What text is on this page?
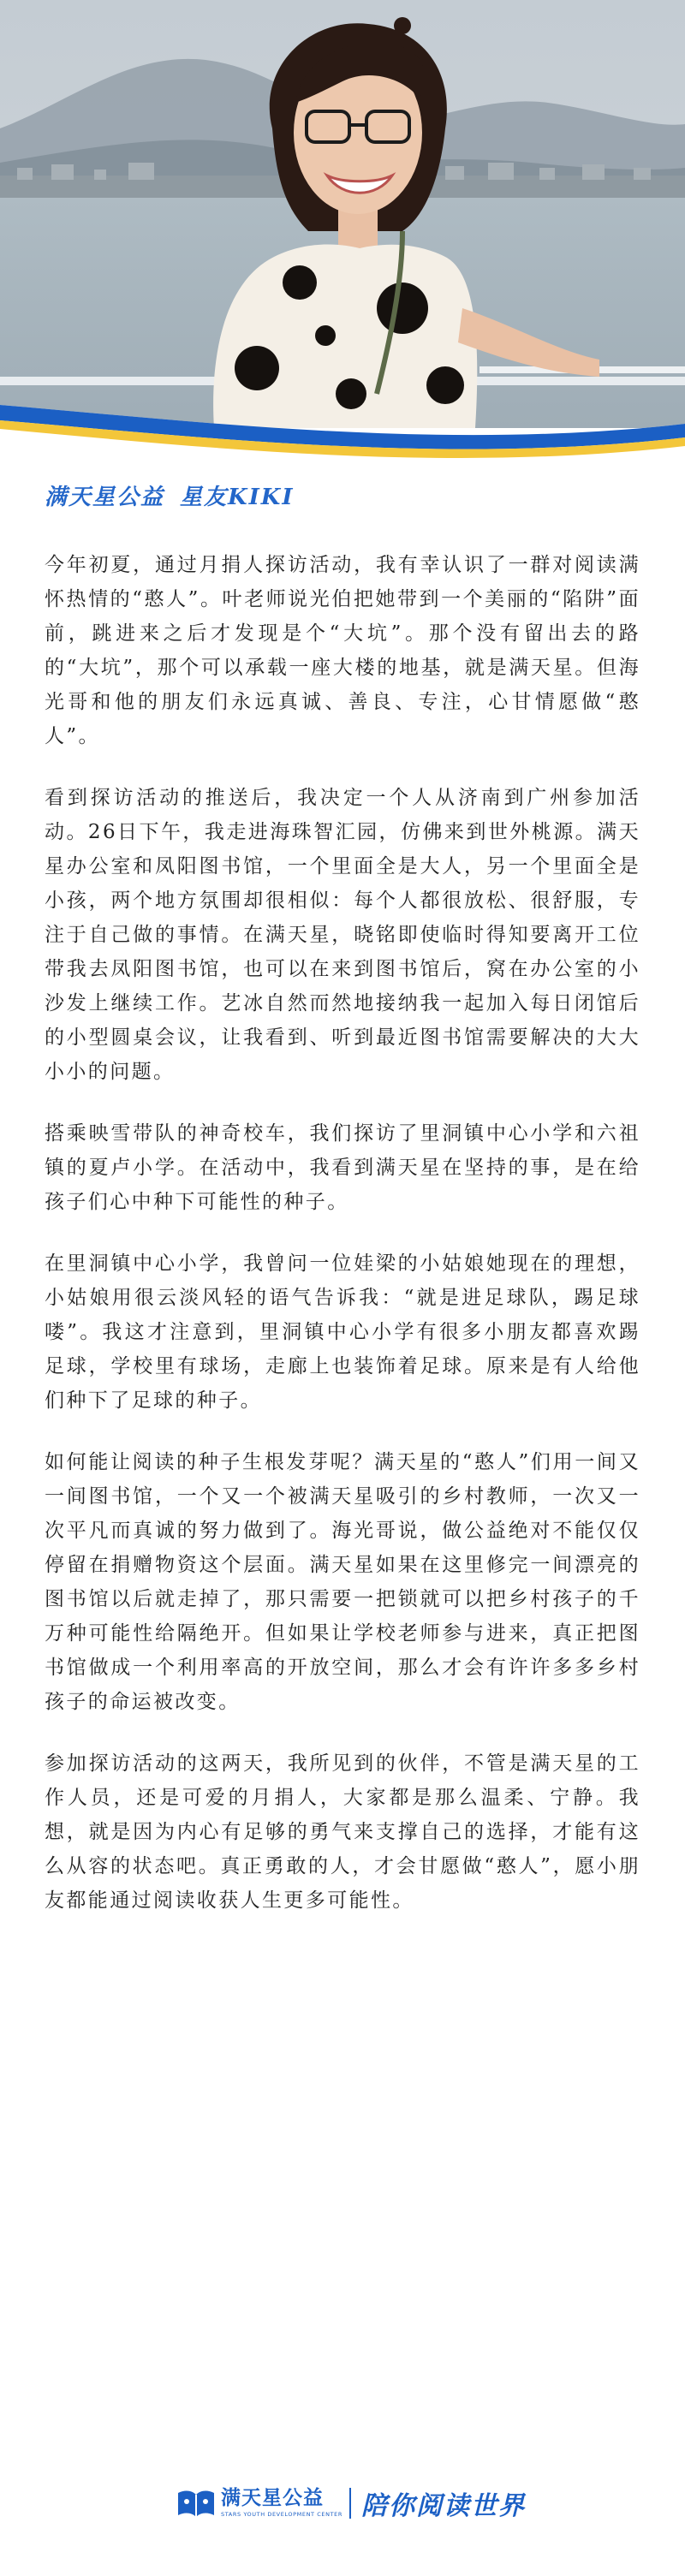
满天星公益 星友KIKI

今年初夏，通过月捐人探访活动，我有幸认识了一群对阅读满怀热情的“憨人”。叶老师说光伯把她带到一个美丽的“陷阱”面前，跳进来之后才发现是个“大坑”。那个没有留出去的路的“大坑”，那个可以承载一座大楼的地基，就是满天星。但海光哥和他的朋友们永远真诚、善良、专注，心甘情愿做“憨人”。

看到探访活动的推送后，我决定一个人从济南到广州参加活动。26日下午，我走进海珠智汇园，仿佛来到世外桃源。满天星办公室和凤阳图书馆，一个里面全是大人，另一个里面全是小孩，两个地方氛围却很相似：每个人都很放松、很舒服，专注于自己做的事情。在满天星，晓铭即使临时得知要离开工位带我去凤阳图书馆，也可以在来到图书馆后，窝在办公室的小沙发上继续工作。艺冰自然而然地接纳我一起加入每日闭馆后的小型圆桌会议，让我看到、听到最近图书馆需要解决的大大小小的问题。

搭乘映雪带队的神奇校车，我们探访了里洞镇中心小学和六祖镇的夏卢小学。在活动中，我看到满天星在坚持的事，是在给孩子们心中种下可能性的种子。

在里洞镇中心小学，我曾问一位娃梁的小姑娘她现在的理想，小姑娘用很云淡风轻的语气告诉我：“就是进足球队，踢足球喽”。我这才注意到，里洞镇中心小学有很多小朋友都喜欢踢足球，学校里有球场，走廊上也装饰着足球。原来是有人给他们种下了足球的种子。

如何能让阅读的种子生根发芽呢？满天星的“憨人”们用一间又一间图书馆，一个又一个被满天星吸引的乡村教师，一次又一次平凡而真诚的努力做到了。海光哥说，做公益绝对不能仅仅停留在捐赠物资这个层面。满天星如果在这里修完一间漂亮的图书馆以后就走掉了，那只需要一把锁就可以把乡村孩子的千万种可能性给隔绝开。但如果让学校老师参与进来，真正把图书馆做成一个利用率高的开放空间，那么才会有许许多多乡村孩子的命运被改变。

参加探访活动的这两天，我所见到的伙伴，不管是满天星的工作人员，还是可爱的月捐人，大家都是那么温柔、宁静。我想，就是因为内心有足够的勇气来支撑自己的选择，才能有这么从容的状态吧。真正勇敢的人，才会甘愿做“憨人”，愿小朋友都能通过阅读收获人生更多可能性。

满天星公益
STARS YOUTH DEVELOPMENT CENTER 陪你阅读世界
